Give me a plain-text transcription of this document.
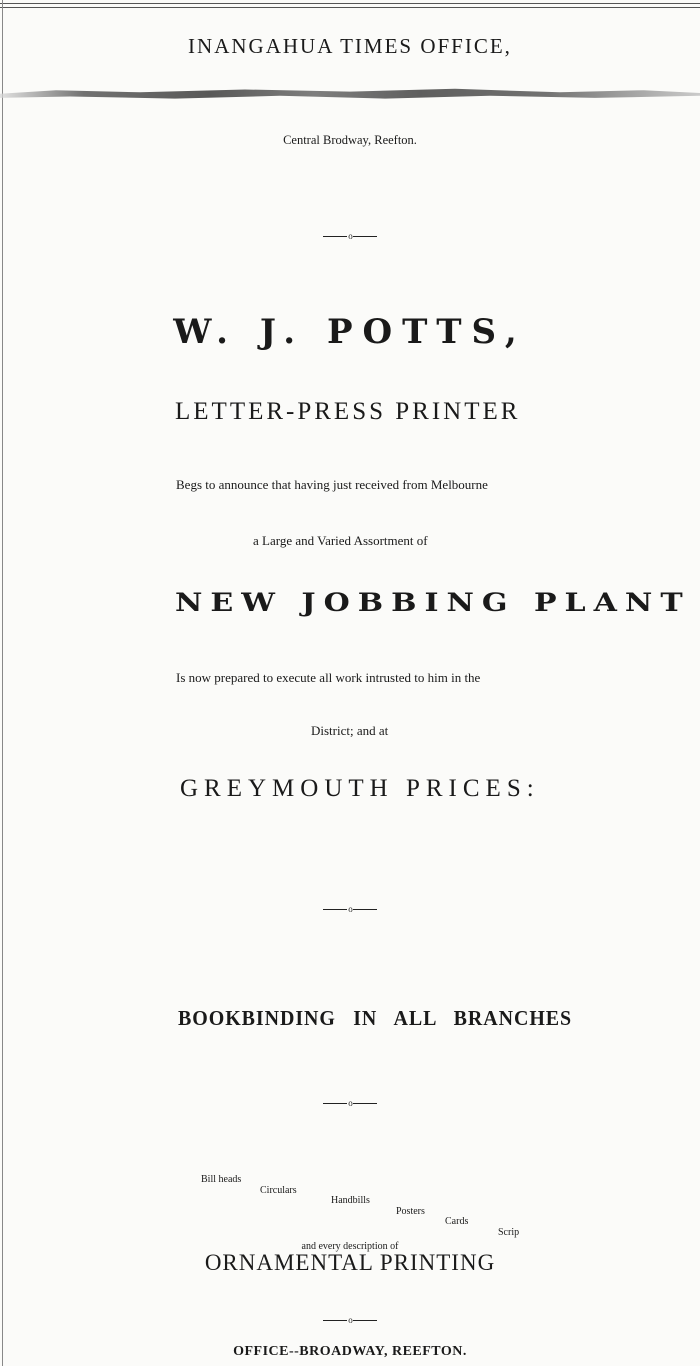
INANGAHUA TIMES OFFICE,
Central Brodway, Reefton.
o
W. J. POTTS,
LETTER-PRESS PRINTER
Begs to announce that having just received from Melbourne
a Large and Varied Assortment of
NEW JOBBING PLANT
Is now prepared to execute all work intrusted to him in the
District; and at
GREYMOUTH PRICES:
o
BOOKBINDING IN ALL BRANCHES
o
Bill heads
Circulars
Handbills
Posters
Cards
Scrip
and every description of
ORNAMENTAL PRINTING
o
OFFICE--BROADWAY, REEFTON.
